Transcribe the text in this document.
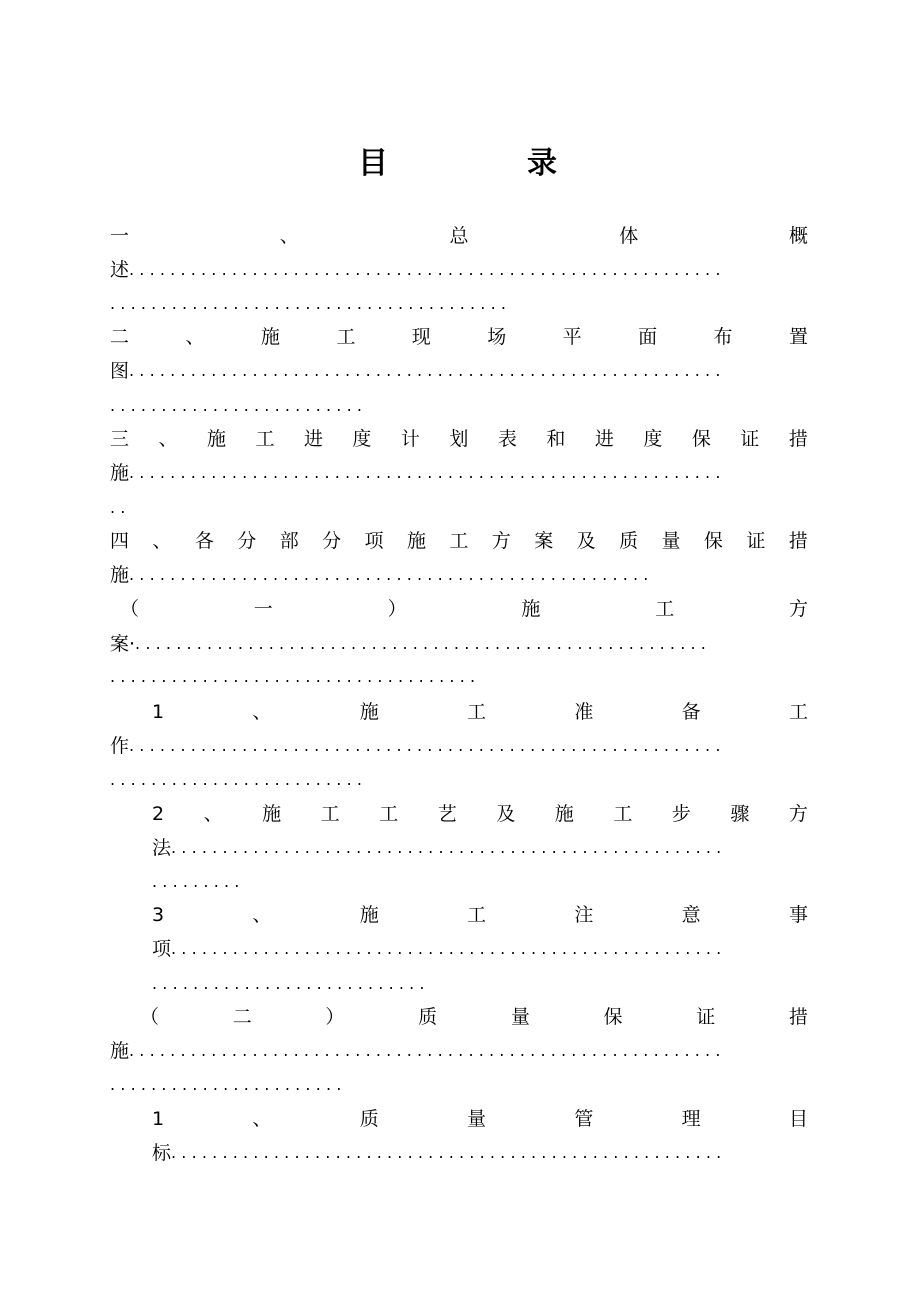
目	录
一	、	总	体	概
述..........................................................
.......................................
二	、	施	工	现	场	平	面	布	置
图..........................................................
.........................
三 、 施 工 进 度 计 划 表 和 进 度 保 证 措
施..........................................................
..
四 、 各 分 部 分 项 施 工 方 案 及 质 量 保 证 措
施...................................................
（	一	）	施	工	方
案·........................................................
....................................
1	、	施	工	准	备	工
作..........................................................
.........................
2 、 施 工 工 艺 及 施 工 步 骤 方
法......................................................
.........
3	、	施	工	注	意	事
项......................................................
...........................
（	二	）	质	量	保	证	措
施..........................................................
.......................
1	、	质	量	管	理	目
标......................................................
